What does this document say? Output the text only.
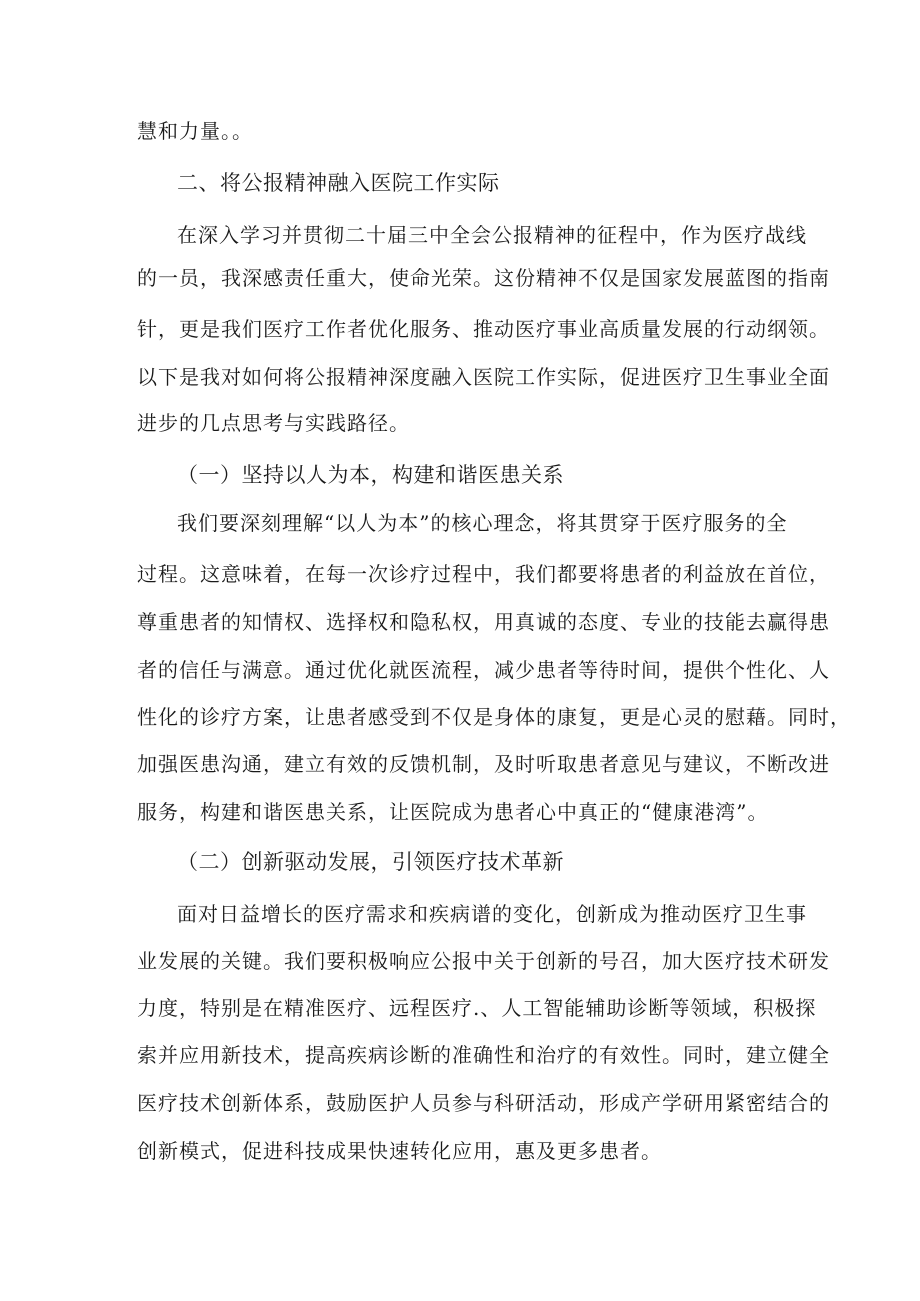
慧和力量。。
二、将公报精神融入医院工作实际
在深入学习并贯彻二十届三中全会公报精神的征程中，作为医疗战线
的一员，我深感责任重大，使命光荣。这份精神不仅是国家发展蓝图的指南
针，更是我们医疗工作者优化服务、推动医疗事业高质量发展的行动纲领。
以下是我对如何将公报精神深度融入医院工作实际，促进医疗卫生事业全面
进步的几点思考与实践路径。
（一）坚持以人为本，构建和谐医患关系
我们要深刻理解“以人为本”的核心理念，将其贯穿于医疗服务的全
过程。这意味着，在每一次诊疗过程中，我们都要将患者的利益放在首位，
尊重患者的知情权、选择权和隐私权，用真诚的态度、专业的技能去赢得患
者的信任与满意。通过优化就医流程，减少患者等待时间，提供个性化、人
性化的诊疗方案，让患者感受到不仅是身体的康复，更是心灵的慰藉。同时，
加强医患沟通，建立有效的反馈机制，及时听取患者意见与建议，不断改进
服务，构建和谐医患关系，让医院成为患者心中真正的“健康港湾”。
（二）创新驱动发展，引领医疗技术革新
面对日益增长的医疗需求和疾病谱的变化，创新成为推动医疗卫生事
业发展的关键。我们要积极响应公报中关于创新的号召，加大医疗技术研发
力度，特别是在精准医疗、远程医疗.、人工智能辅助诊断等领域，积极探
索并应用新技术，提高疾病诊断的准确性和治疗的有效性。同时，建立健全
医疗技术创新体系，鼓励医护人员参与科研活动，形成产学研用紧密结合的
创新模式，促进科技成果快速转化应用，惠及更多患者。
